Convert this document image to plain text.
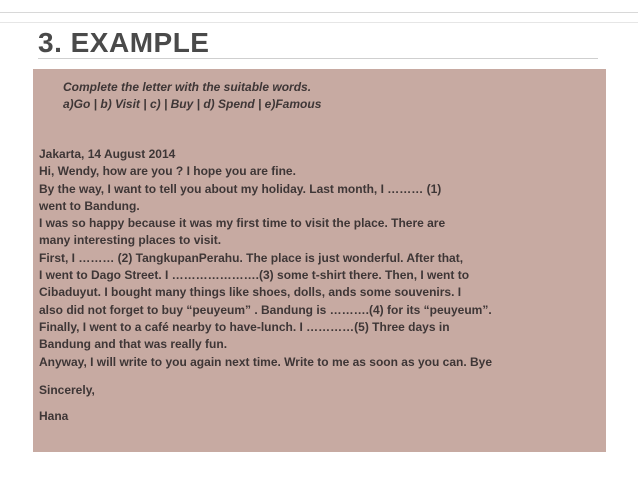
3. EXAMPLE
Complete the letter with the suitable words.
a)Go | b) Visit | c) | Buy | d) Spend | e)Famous
Jakarta, 14 August 2014
Hi, Wendy, how are you ? I hope you are fine.
By the way, I want to tell you about my holiday. Last month, I ……… (1)
went to Bandung.
I was so happy because it was my first time to visit the place. There are
many interesting places to visit.
First, I ……… (2) TangkupanPerahu. The place is just wonderful. After that,
I went to Dago Street. I ………………….(3) some t-shirt there. Then, I went to
Cibaduyut. I bought many things like shoes, dolls, ands some souvenirs. I
also did not forget to buy “peuyeum” . Bandung is ……….(4) for its “peuyeum”.
Finally, I went to a café nearby to have-lunch. I …………(5) Three days in
Bandung and that was really fun.
Anyway, I will write to you again next time. Write to me as soon as you can. Bye
Sincerely,
Hana
